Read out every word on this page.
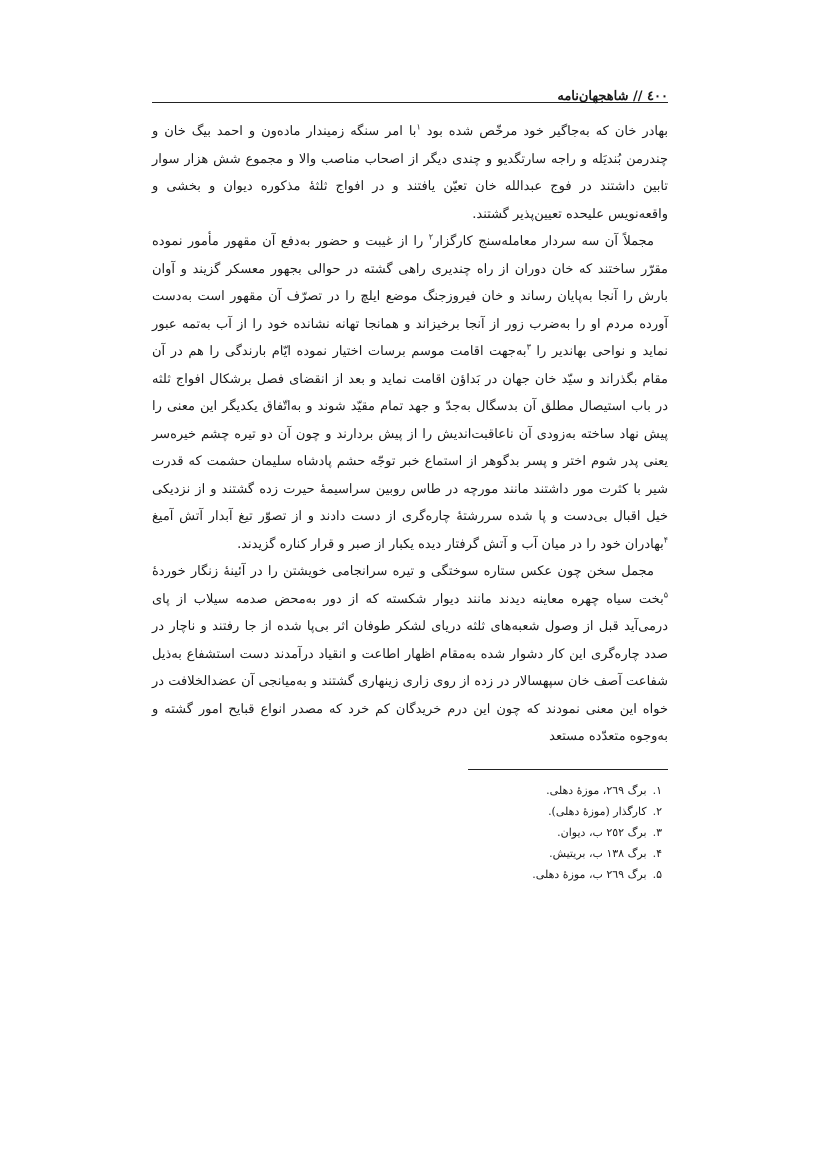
٤٠٠ // شاهجهان‌نامه

بهادر خان که به‌جاگیر خود مرخّص شده بود $^۱$با امر سنگه زمیندار ماده‌ون و احمد بیگ خان و چندرمن بُندیَله و راجه سارتگدیو و چندی دیگر از اصحاب مناصب والا و مجموع شش هزار سوار تابین داشتند در فوج عبدالله خان تعیّن یافتند و در افواج ثلثهٔ مذکوره دیوان و بخشی و واقعه‌نویس علیحده تعیین‌پذیر گشتند.

مجملاً آن سه سردار معامله‌سنج کارگزار$^۲$ را از غیبت و حضور به‌دفع آن مقهور مأمور نموده مقرّر ساختند که خان دوران از راه چندیری راهی گشته در حوالی بجهور معسکر گزیند و آوان بارش را آنجا به‌پایان رساند و خان فیروزجنگ موضع ایلچ را در تصرّف آن مقهور است به‌دست آورده مردم او را به‌ضرب زور از آنجا برخیزاند و همانجا تهانه نشانده خود را از آب به‌تمه عبور نماید و نواحی بهاندیر را $^۳$به‌جهت اقامت موسم برسات اختیار نموده ایّام بارندگی را هم در آن مقام بگذراند و سیّد خان جهان در بَداؤن اقامت نماید و بعد از انقضای فصل برشکال افواج ثلثه در باب استیصال مطلق آن بدسگال به‌جدّ و جهد تمام مقیّد شوند و به‌اتّفاق یکدیگر این معنی را پیش نهاد ساخته به‌زودی آن ناعاقبت‌اندیش را از پیش بردارند و چون آن دو تیره چشم خیره‌سر یعنی پدر شوم اختر و پسر بدگوهر از استماع خبر توجّه حشم پادشاه سلیمان حشمت که قدرت شیر با کثرت مور داشتند مانند مورچه در طاس روبین سراسیمهٔ حیرت زده گشتند و از نزدیکی خیل اقبال بی‌دست و پا شده سررشتهٔ چاره‌گری از دست دادند و از تصوّر تیغ آبدار آتش آمیغ $^۴$بهادران خود را در میان آب و آتش گرفتار دیده یکبار از صبر و قرار کناره گزیدند.

مجمل سخن چون عکس ستاره سوختگی و تیره سرانجامی خویشتن را در آئینهٔ زنگار خوردهٔ $^۵$بخت سیاه چهره معاینه دیدند مانند دیوار شکسته که از دور به‌محض صدمه سیلاب از پای درمی‌آید قبل از وصول شعبه‌های ثلثه دریای لشکر طوفان اثر بی‌پا شده از جا رفتند و ناچار در صدد چاره‌گری این کار دشوار شده به‌مقام اظهار اطاعت و انقیاد درآمدند دست استشفاع به‌ذیل شفاعت آصف خان سپهسالار در زده از روی زاری زینهاری گشتند و به‌میانجی آن عضدالخلافت در خواه این معنی نمودند که چون این درم خریدگان کم خرد که مصدر انواع قبایح امور گشته و به‌وجوه متعدّده مستعد

۱.برگ ٢٦٩، موزهٔ دهلی.
۲.کارگذار (موزهٔ دهلی).
۳.برگ ٢٥٢ ب، دیوان.
۴.برگ ١٣٨ ب، بریتیش.
۵.برگ ٢٦٩ ب، موزهٔ دهلی.
